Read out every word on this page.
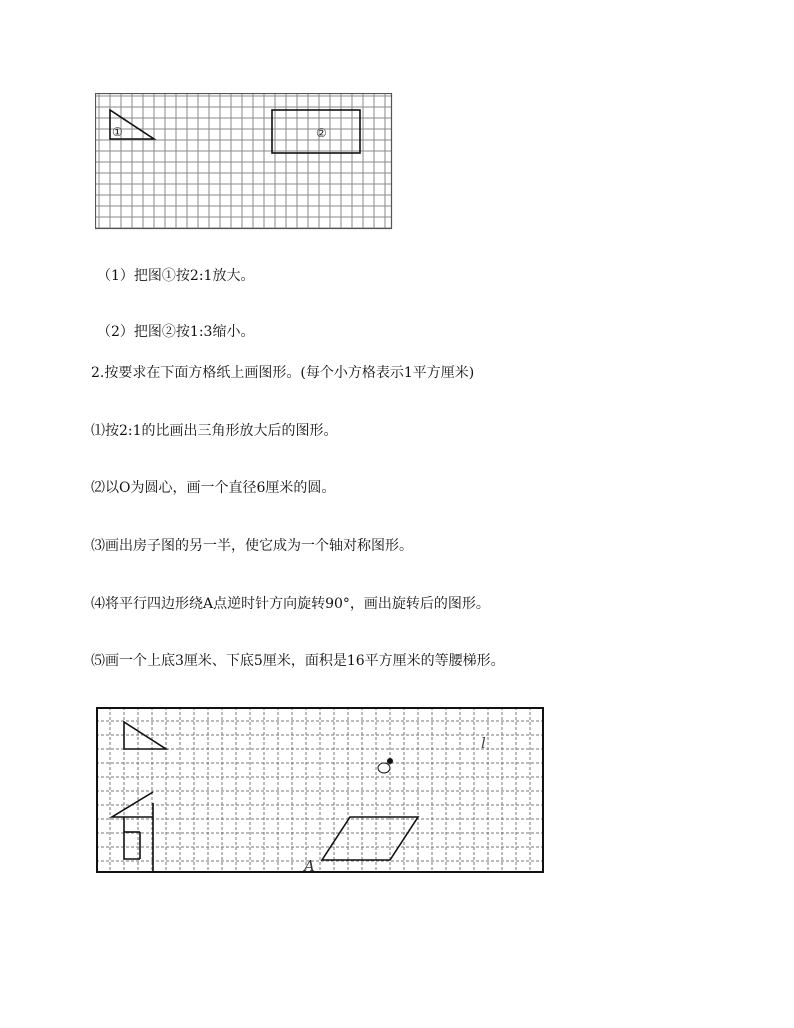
①	②
（1）把图①按2:1放大。
（2）把图②按1:3缩小。
2.按要求在下面方格纸上画图形。(每个小方格表示1平方厘米)
⑴按2:1的比画出三角形放大后的图形。
⑵以O为圆心，画一个直径6厘米的圆。
⑶画出房子图的另一半，使它成为一个轴对称图形。
⑷将平行四边形绕A点逆时针方向旋转90°，画出旋转后的图形。
⑸画一个上底3厘米、下底5厘米，面积是16平方厘米的等腰梯形。
O
l
A
